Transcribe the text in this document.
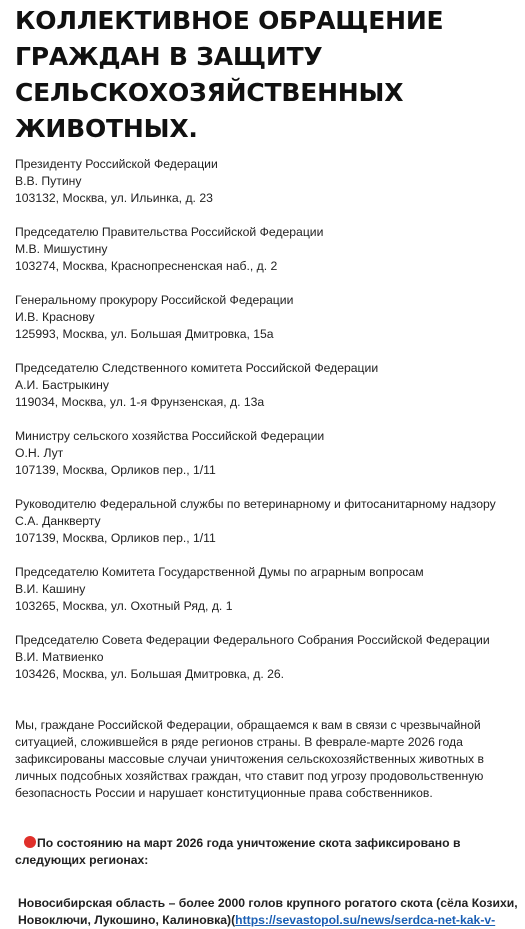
КОЛЛЕКТИВНОЕ ОБРАЩЕНИЕ ГРАЖДАН В ЗАЩИТУ СЕЛЬСКОХОЗЯЙСТВЕННЫХ ЖИВОТНЫХ.
Президенту Российской Федерации
В.В. Путину
103132, Москва, ул. Ильинка, д. 23
Председателю Правительства Российской Федерации
М.В. Мишустину
103274, Москва, Краснопресненская наб., д. 2
Генеральному прокурору Российской Федерации
И.В. Краснову
125993, Москва, ул. Большая Дмитровка, 15а
Председателю Следственного комитета Российской Федерации
А.И. Бастрыкину
119034, Москва, ул. 1-я Фрунзенская, д. 13а
Министру сельского хозяйства Российской Федерации
О.Н. Лут
107139, Москва, Орликов пер., 1/11
Руководителю Федеральной службы по ветеринарному и фитосанитарному надзору
С.А. Данкверту
107139, Москва, Орликов пер., 1/11
Председателю Комитета Государственной Думы по аграрным вопросам
В.И. Кашину
103265, Москва, ул. Охотный Ряд, д. 1
Председателю Совета Федерации Федерального Собрания Российской Федерации
В.И. Матвиенко
103426, Москва, ул. Большая Дмитровка, д. 26.
Мы, граждане Российской Федерации, обращаемся к вам в связи с чрезвычайной ситуацией, сложившейся в ряде регионов страны. В феврале-марте 2026 года зафиксированы массовые случаи уничтожения сельскохозяйственных животных в личных подсобных хозяйствах граждан, что ставит под угрозу продовольственную безопасность России и нарушает конституционные права собственников.
По состоянию на март 2026 года уничтожение скота зафиксировано в следующих регионах:
Новосибирская область – более 2000 голов крупного рогатого скота (сёла Козихи, Новоключи, Лукошино, Калиновка)(https://sevastopol.su/news/serdca-net-kak-v-
